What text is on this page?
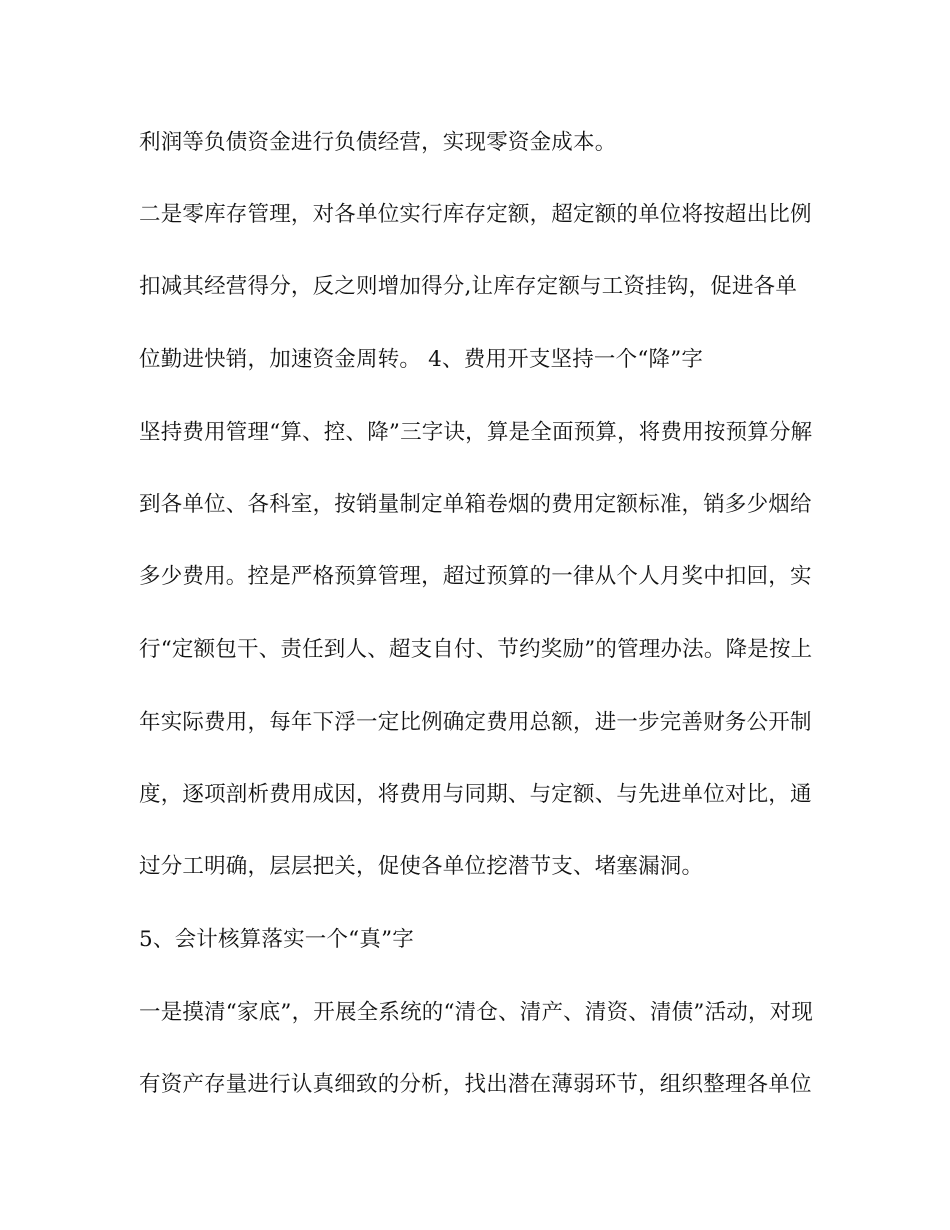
利润等负债资金进行负债经营，实现零资金成本。

二是零库存管理，对各单位实行库存定额，超定额的单位将按超出比例

扣减其经营得分，反之则增加得分,让库存定额与工资挂钩，促进各单

位勤进快销，加速资金周转。 4、费用开支坚持一个“降”字

坚持费用管理“算、控、降”三字诀，算是全面预算，将费用按预算分解

到各单位、各科室，按销量制定单箱卷烟的费用定额标准，销多少烟给

多少费用。控是严格预算管理，超过预算的一律从个人月奖中扣回，实

行“定额包干、责任到人、超支自付、节约奖励”的管理办法。降是按上

年实际费用，每年下浮一定比例确定费用总额，进一步完善财务公开制

度，逐项剖析费用成因，将费用与同期、与定额、与先进单位对比，通

过分工明确，层层把关，促使各单位挖潜节支、堵塞漏洞。

5、会计核算落实一个“真”字

一是摸清“家底”，开展全系统的“清仓、清产、清资、清债”活动，对现

有资产存量进行认真细致的分析，找出潜在薄弱环节，组织整理各单位
